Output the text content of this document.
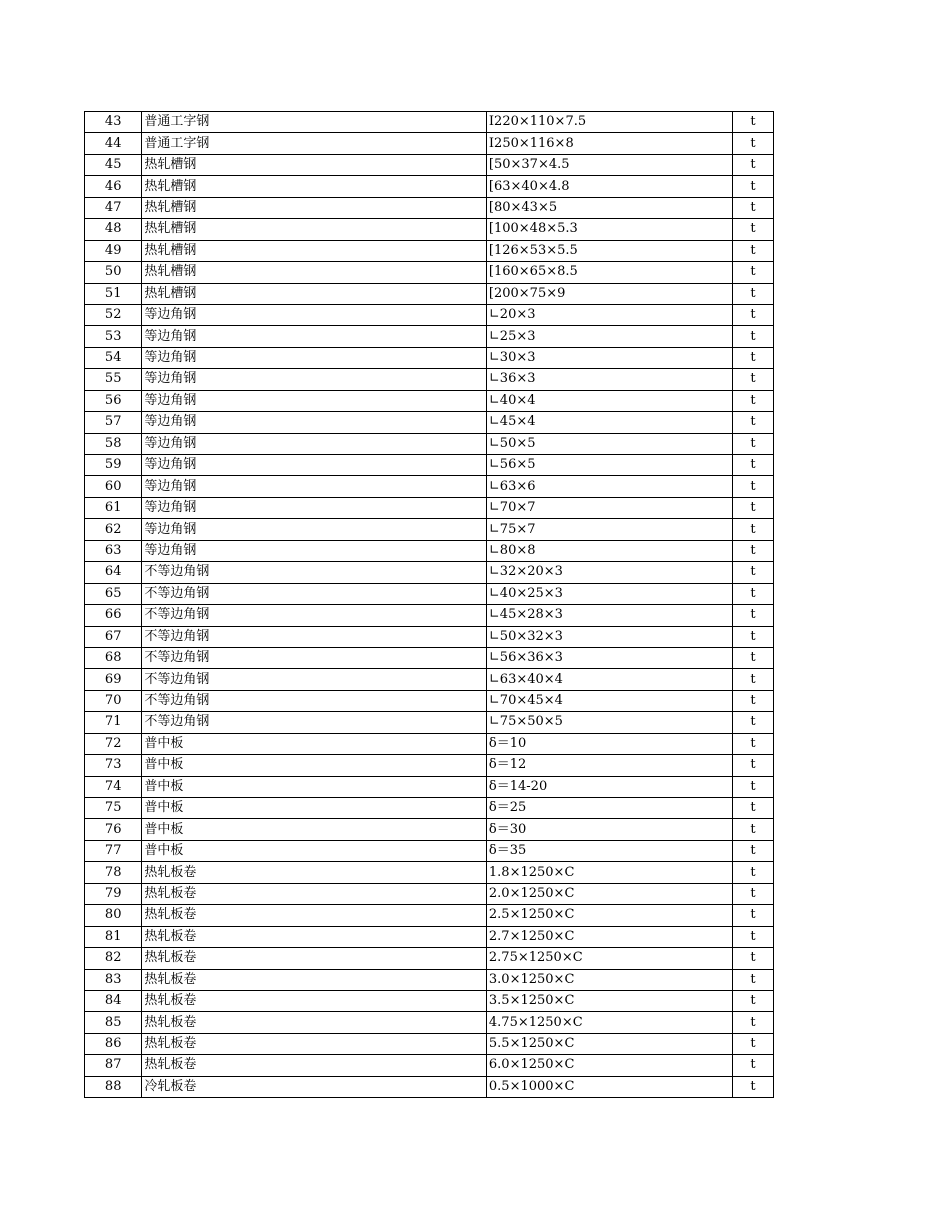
43	普通工字钢	I220×110×7.5	t
44	普通工字钢	I250×116×8	t
45	热轧槽钢	[50×37×4.5	t
46	热轧槽钢	[63×40×4.8	t
47	热轧槽钢	[80×43×5	t
48	热轧槽钢	[100×48×5.3	t
49	热轧槽钢	[126×53×5.5	t
50	热轧槽钢	[160×65×8.5	t
51	热轧槽钢	[200×75×9	t
52	等边角钢	∟20×3	t
53	等边角钢	∟25×3	t
54	等边角钢	∟30×3	t
55	等边角钢	∟36×3	t
56	等边角钢	∟40×4	t
57	等边角钢	∟45×4	t
58	等边角钢	∟50×5	t
59	等边角钢	∟56×5	t
60	等边角钢	∟63×6	t
61	等边角钢	∟70×7	t
62	等边角钢	∟75×7	t
63	等边角钢	∟80×8	t
64	不等边角钢	∟32×20×3	t
65	不等边角钢	∟40×25×3	t
66	不等边角钢	∟45×28×3	t
67	不等边角钢	∟50×32×3	t
68	不等边角钢	∟56×36×3	t
69	不等边角钢	∟63×40×4	t
70	不等边角钢	∟70×45×4	t
71	不等边角钢	∟75×50×5	t
72	普中板	δ＝10	t
73	普中板	δ＝12	t
74	普中板	δ＝14-20	t
75	普中板	δ＝25	t
76	普中板	δ＝30	t
77	普中板	δ＝35	t
78	热轧板卷	1.8×1250×C	t
79	热轧板卷	2.0×1250×C	t
80	热轧板卷	2.5×1250×C	t
81	热轧板卷	2.7×1250×C	t
82	热轧板卷	2.75×1250×C	t
83	热轧板卷	3.0×1250×C	t
84	热轧板卷	3.5×1250×C	t
85	热轧板卷	4.75×1250×C	t
86	热轧板卷	5.5×1250×C	t
87	热轧板卷	6.0×1250×C	t
88	冷轧板卷	0.5×1000×C	t
